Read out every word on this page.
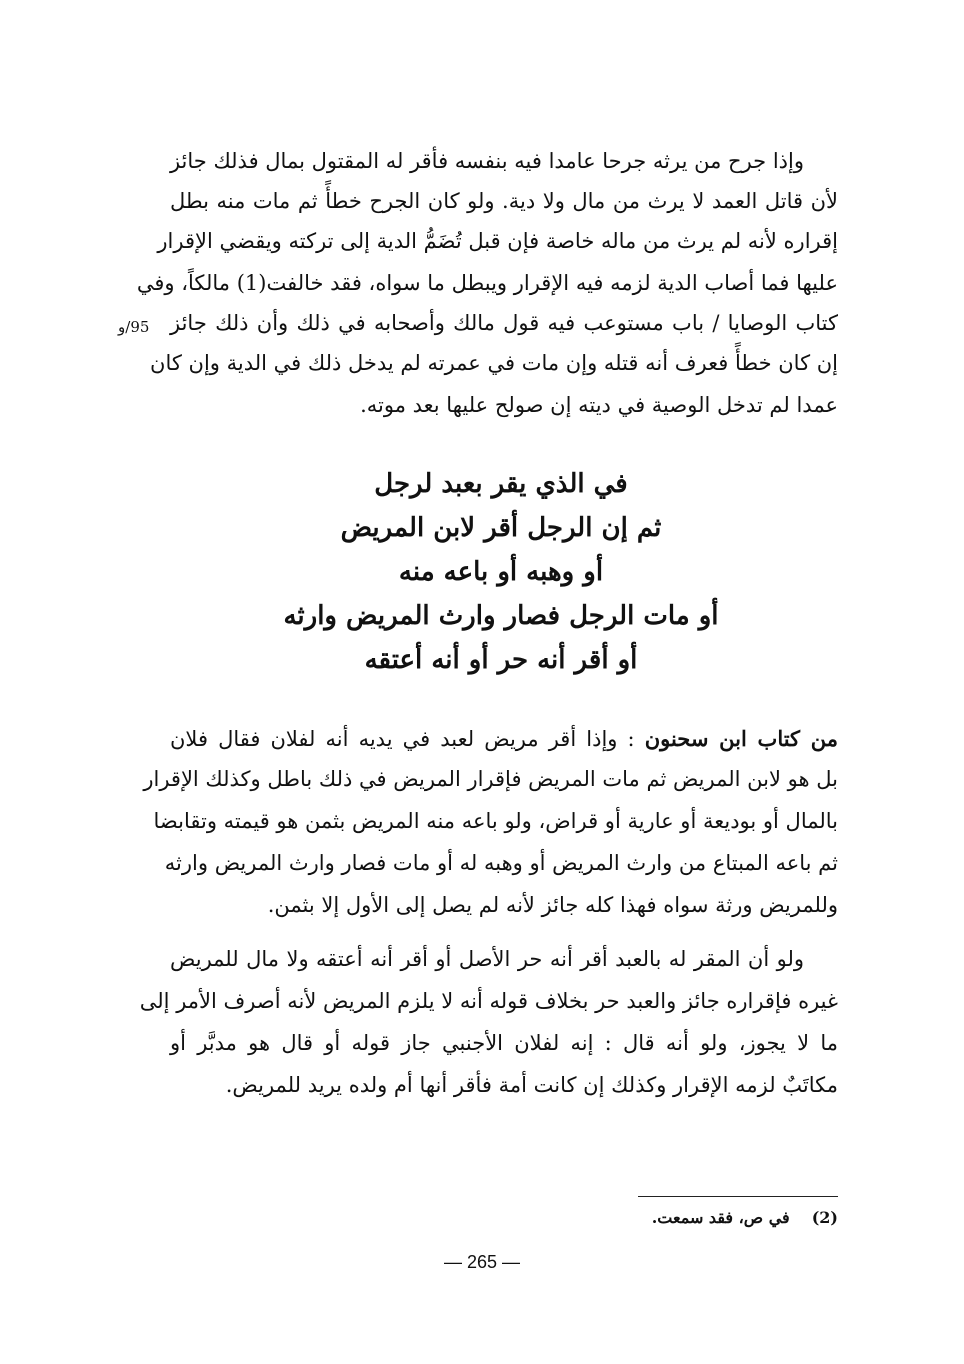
وإذا جرح من يرثه جرحا عامدا فيه بنفسه فأقر له المقتول بمال فذلك جائز
لأن قاتل العمد لا يرث من مال ولا دية. ولو كان الجرح خطأً ثم مات منه بطل
إقراره لأنه لم يرث من ماله خاصة فإن قبل تُضَمُّ الدية إلى تركته ويقضي الإقرار
عليها فما أصاب الدية لزمه فيه الإقرار ويبطل ما سواه، فقد خالفت(1) مالكاً، وفي
كتاب الوصايا / باب مستوعب فيه قول مالك وأصحابه في ذلك وأن ذلك جائز
إن كان خطأً فعرف أنه قتله وإن مات في عمرته لم يدخل ذلك في الدية وإن كان
عمدا لم تدخل الوصية في ديته إن صولح عليها بعد موته.
95/و
في الذي يقر بعبد لرجل
ثم إن الرجل أقر لابن المريض
أو وهبه أو باعه منه
أو مات الرجل فصار وارث المريض وارثه
أو أقر أنه حر أو أنه أعتقه
من كتاب ابن سحنون : وإذا أقر مريض لعبد في يديه أنه لفلان فقال فلان
بل هو لابن المريض ثم مات المريض فإقرار المريض في ذلك باطل وكذلك الإقرار
بالمال أو بوديعة أو عارية أو قراض، ولو باعه منه المريض بثمن هو قيمته وتقابضا
ثم باعه المبتاع من وارث المريض أو وهبه له أو مات فصار وارث المريض وارثه
وللمريض ورثة سواه فهذا كله جائز لأنه لم يصل إلى الأول إلا بثمن.
ولو أن المقر له بالعبد أقر أنه حر الأصل أو أقر أنه أعتقه ولا مال للمريض
غيره فإقراره جائز والعبد حر بخلاف قوله أنه لا يلزم المريض لأنه أصرف الأمر إلى
ما لا يجوز، ولو أنه قال : إنه لفلان الأجنبي جاز قوله أو قال هو مدبَّر أو
مكاتَبٌ لزمه الإقرار وكذلك إن كانت أمة فأقر أنها أم ولده يريد للمريض.
(2)في ص، فقد سمعت.
— 265 —
